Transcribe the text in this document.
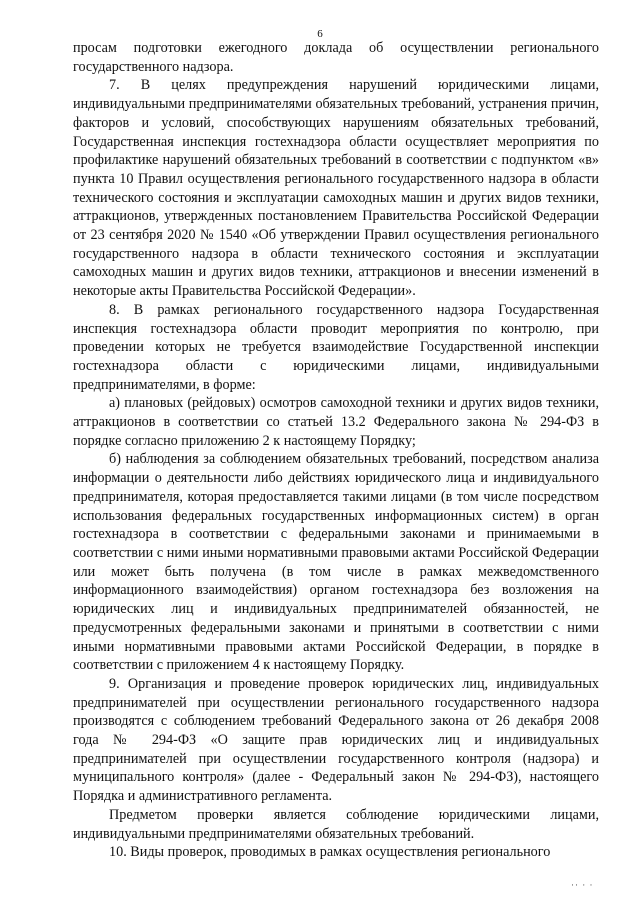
6

просам подготовки ежегодного доклада об осуществлении регионального государственного надзора.

7. В целях предупреждения нарушений юридическими лицами, индивидуальными предпринимателями обязательных требований, устранения причин, факторов и условий, способствующих нарушениям обязательных требований, Государственная инспекция гостехнадзора области осуществляет мероприятия по профилактике нарушений обязательных требований в соответствии с подпунктом «в» пункта 10 Правил осуществления регионального государственного надзора в области технического состояния и эксплуатации самоходных машин и других видов техники, аттракционов, утвержденных постановлением Правительства Российской Федерации от 23 сентября 2020 № 1540 «Об утверждении Правил осуществления регионального государственного надзора в области технического состояния и эксплуатации самоходных машин и других видов техники, аттракционов и внесении изменений в некоторые акты Правительства Российской Федерации».

8. В рамках регионального государственного надзора Государственная инспекция гостехнадзора области проводит мероприятия по контролю, при проведении которых не требуется взаимодействие Государственной инспекции гостехнадзора области с юридическими лицами, индивидуальными предпринимателями, в форме:

а) плановых (рейдовых) осмотров самоходной техники и других видов техники, аттракционов в соответствии со статьей 13.2 Федерального закона № 294-ФЗ в порядке согласно приложению 2 к настоящему Порядку;

б) наблюдения за соблюдением обязательных требований, посредством анализа информации о деятельности либо действиях юридического лица и индивидуального предпринимателя, которая предоставляется такими лицами (в том числе посредством использования федеральных государственных информационных систем) в орган гостехнадзора в соответствии с федеральными законами и принимаемыми в соответствии с ними иными нормативными правовыми актами Российской Федерации или может быть получена (в том числе в рамках межведомственного информационного взаимодействия) органом гостехнадзора без возложения на юридических лиц и индивидуальных предпринимателей обязанностей, не предусмотренных федеральными законами и принятыми в соответствии с ними иными нормативными правовыми актами Российской Федерации, в порядке в соответствии с приложением 4 к настоящему Порядку.

9. Организация и проведение проверок юридических лиц, индивидуальных предпринимателей при осуществлении регионального государственного надзора производятся с соблюдением требований Федерального закона от 26 декабря 2008 года № 294-ФЗ «О защите прав юридических лиц и индивидуальных предпринимателей при осуществлении государственного контроля (надзора) и муниципального контроля» (далее - Федеральный закон № 294-ФЗ), настоящего Порядка и административного регламента.

Предметом проверки является соблюдение юридическими лицами, индивидуальными предпринимателями обязательных требований.

10. Виды проверок, проводимых в рамках осуществления регионального

·· · ·
